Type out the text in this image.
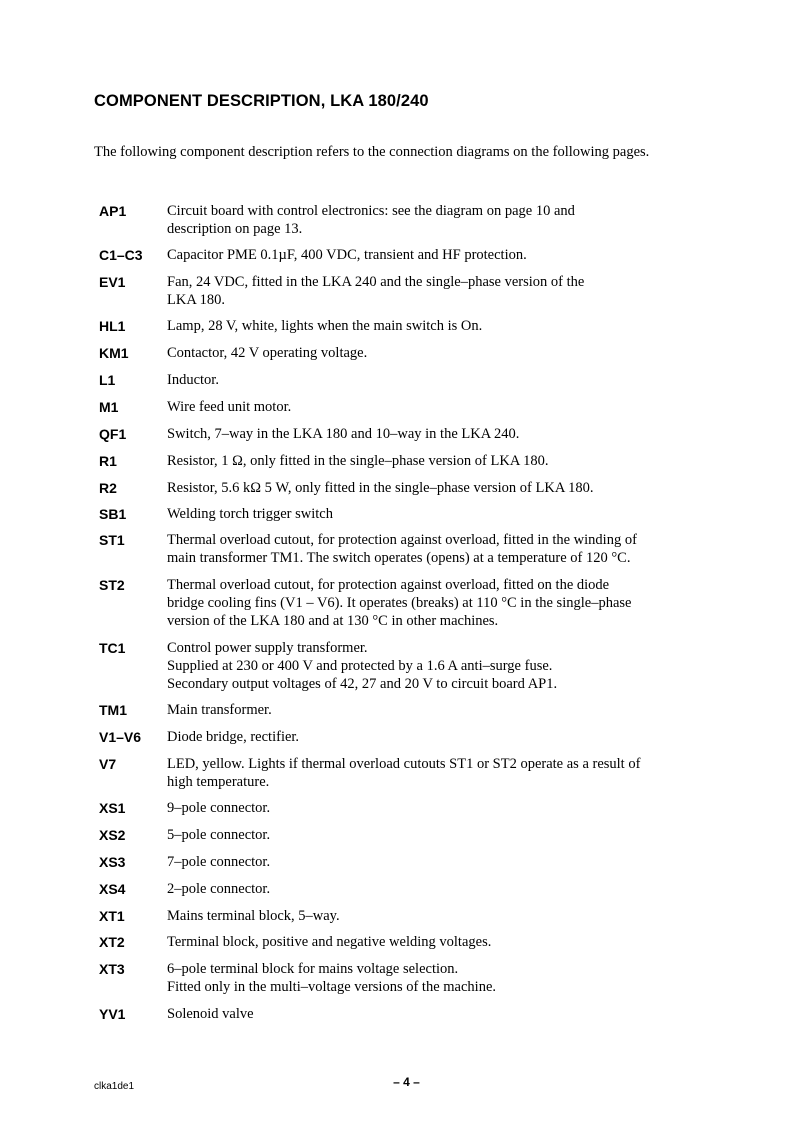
COMPONENT DESCRIPTION, LKA 180/240

The following component description refers to the connection diagrams on the following pages.

AP1	Circuit board with control electronics: see the diagram on page 10 and
description on page 13.
C1–C3 Capacitor PME 0.1µF, 400 VDC, transient and HF protection.
EV1	Fan, 24 VDC, fitted in the LKA 240 and the single–phase version of the
LKA 180.
HL1	Lamp, 28 V, white, lights when the main switch is On.
KM1	Contactor, 42 V operating voltage.
L1	Inductor.
M1	Wire feed unit motor.
QF1	Switch, 7–way in the LKA 180 and 10–way in the LKA 240.
R1	Resistor, 1 Ω, only fitted in the single–phase version of LKA 180.
R2	Resistor, 5.6 kΩ 5 W, only fitted in the single–phase version of LKA 180.
SB1	Welding torch trigger switch
ST1	Thermal overload cutout, for protection against overload, fitted in the winding of
main transformer TM1. The switch operates (opens) at a temperature of 120 °C.
ST2	Thermal overload cutout, for protection against overload, fitted on the diode
bridge cooling fins (V1 – V6). It operates (breaks) at 110 °C in the single–phase
version of the LKA 180 and at 130 °C in other machines.
TC1	Control power supply transformer.
Supplied at 230 or 400 V and protected by a 1.6 A anti–surge fuse.
Secondary output voltages of 42, 27 and 20 V to circuit board AP1.
TM1	Main transformer.
V1–V6 Diode bridge, rectifier.
V7	LED, yellow. Lights if thermal overload cutouts ST1 or ST2 operate as a result of
high temperature.
XS1	9–pole connector.
XS2	5–pole connector.
XS3	7–pole connector.
XS4	2–pole connector.
XT1	Mains terminal block, 5–way.
XT2	Terminal block, positive and negative welding voltages.
XT3	6–pole terminal block for mains voltage selection.
Fitted only in the multi–voltage versions of the machine.
YV1	Solenoid valve
clka1de1	– 4 –
